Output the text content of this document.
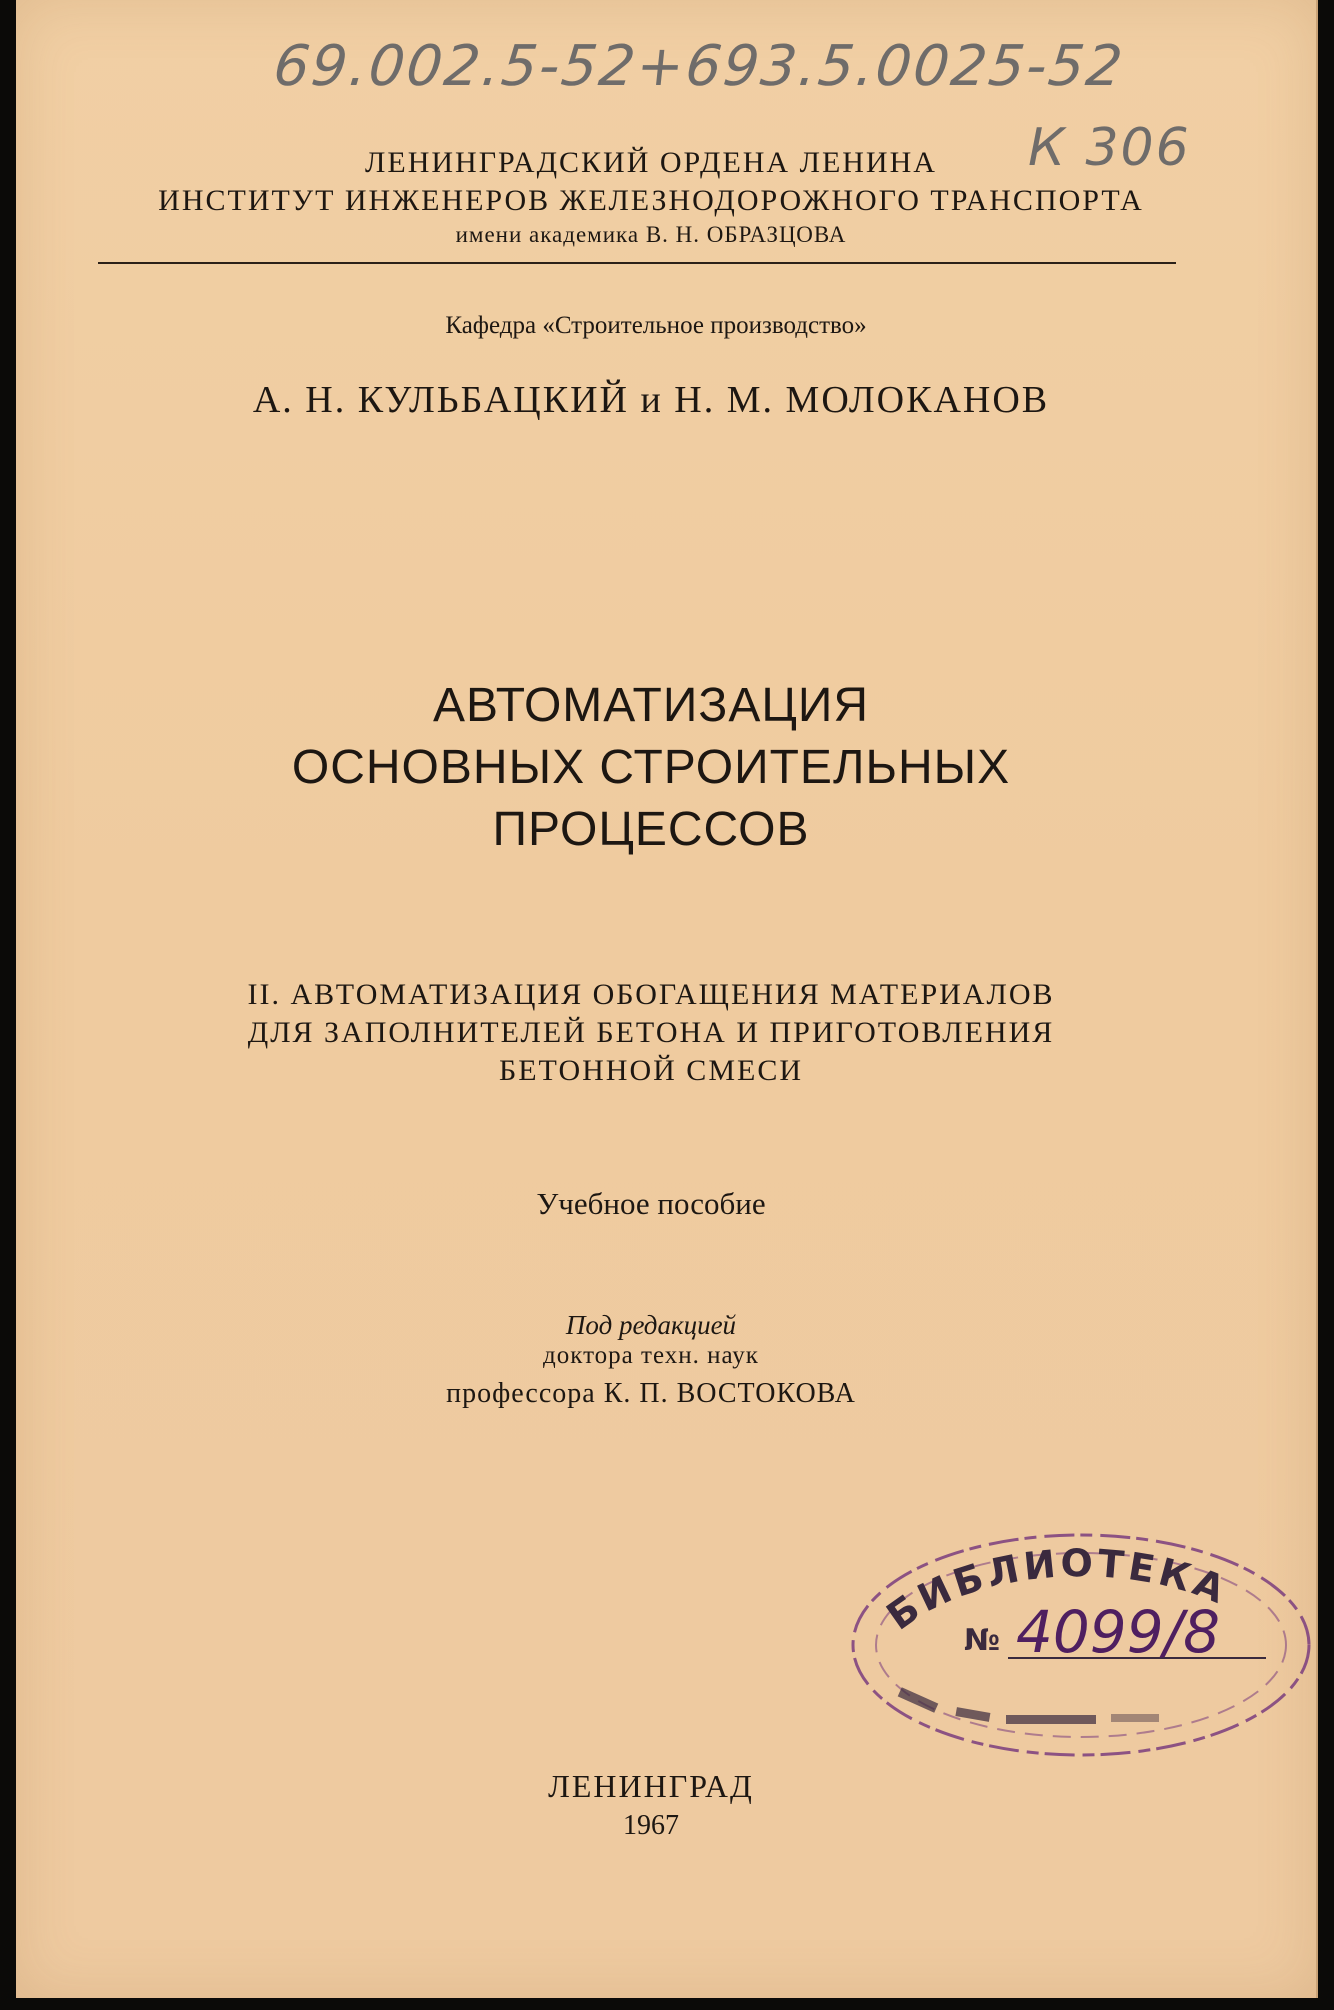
69.002.5-52+693.5.0025-52
К 306
ЛЕНИНГРАДСКИЙ ОРДЕНА ЛЕНИНА
ИНСТИТУТ ИНЖЕНЕРОВ ЖЕЛЕЗНОДОРОЖНОГО ТРАНСПОРТА
имени академика В. Н. ОБРАЗЦОВА
Кафедра «Строительное производство»
А. Н. КУЛЬБАЦКИЙ и Н. М. МОЛОКАНОВ
АВТОМАТИЗАЦИЯ
ОСНОВНЫХ СТРОИТЕЛЬНЫХ
ПРОЦЕССОВ
II. АВТОМАТИЗАЦИЯ ОБОГАЩЕНИЯ МАТЕРИАЛОВ
ДЛЯ ЗАПОЛНИТЕЛЕЙ БЕТОНА И ПРИГОТОВЛЕНИЯ
БЕТОННОЙ СМЕСИ
Учебное пособие
Под редакцией
доктора техн. наук
профессора К. П. ВОСТОКОВА
БИБЛИОТЕКА
№ 4099/8
ЛЕНИНГРАД
1967
